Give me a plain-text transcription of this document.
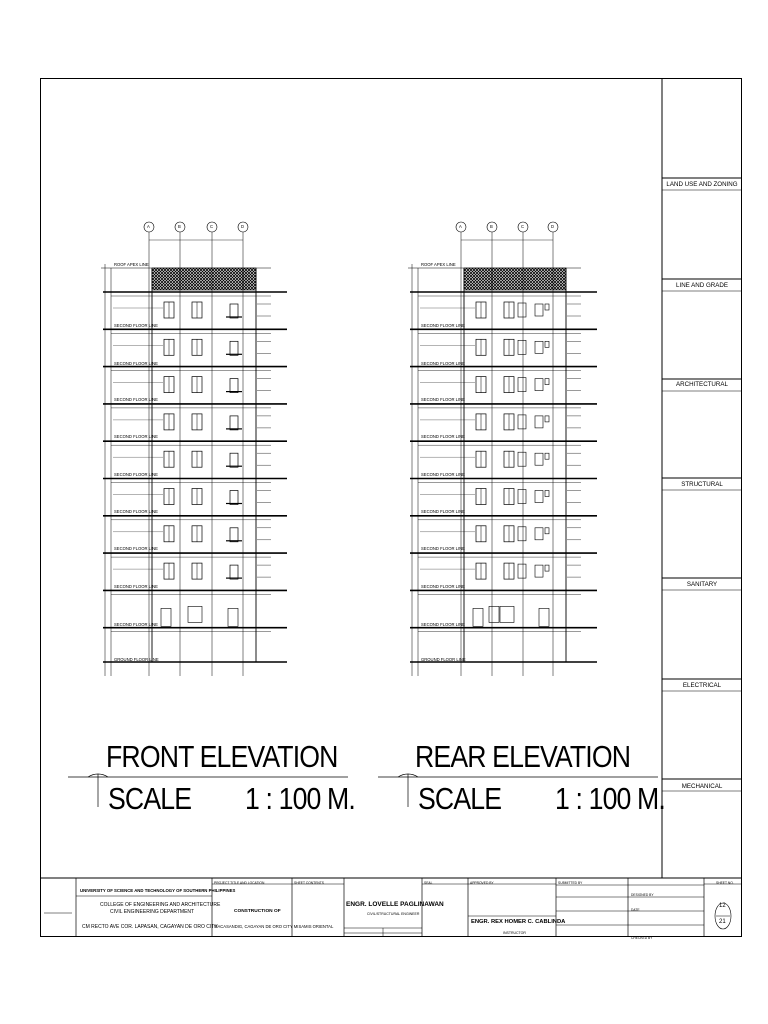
LAND USE AND ZONING
LINE AND GRADE
ARCHITECTURAL
STRUCTURAL
SANITARY
ELECTRICAL
MECHANICAL
FRONT ELEVATION
SCALE 1 : 100 M.
REAR ELEVATION
SCALE 1 : 100 M.
A	B	C	D	A	B	C	D
ROOF APEX LINE
SECOND FLOOR LINE
SECOND FLOOR LINE
SECOND FLOOR LINE
SECOND FLOOR LINE
SECOND FLOOR LINE
SECOND FLOOR LINE
SECOND FLOOR LINE
SECOND FLOOR LINE
SECOND FLOOR LINE
GROUND FLOOR LINE
ROOF APEX LINE
SECOND FLOOR LINE
SECOND FLOOR LINE
SECOND FLOOR LINE
SECOND FLOOR LINE
SECOND FLOOR LINE
SECOND FLOOR LINE
SECOND FLOOR LINE
SECOND FLOOR LINE
SECOND FLOOR LINE
GROUND FLOOR LINE
UNIVERSITY OF SCIENCE AND TECHNOLOGY OF SOUTHERN PHILIPPINES
COLLEGE OF ENGINEERING AND ARCHITECTURE
CIVIL ENGINEERING DEPARTMENT
CM RECTO AVE COR. LAPASAN, CAGAYAN DE ORO CITY
PROJECT TITLE AND LOCATION	SHEET CONTENTS
CONSTRUCTION OF
MACASANDIG, CAGAYAN DE ORO CITY MISAMIS ORIENTAL
ENGR. LOVELLE PAGLINAWAN
CIVIL/STRUCTURAL ENGINEER
SEAL	APPROVED BY
ENGR. REX HOMER C. CABLINDA
INSTRUCTOR
SUBMITTED BY
DESIGNED BY
DATE
CHECKED BY
SHEET NO.
12
21
